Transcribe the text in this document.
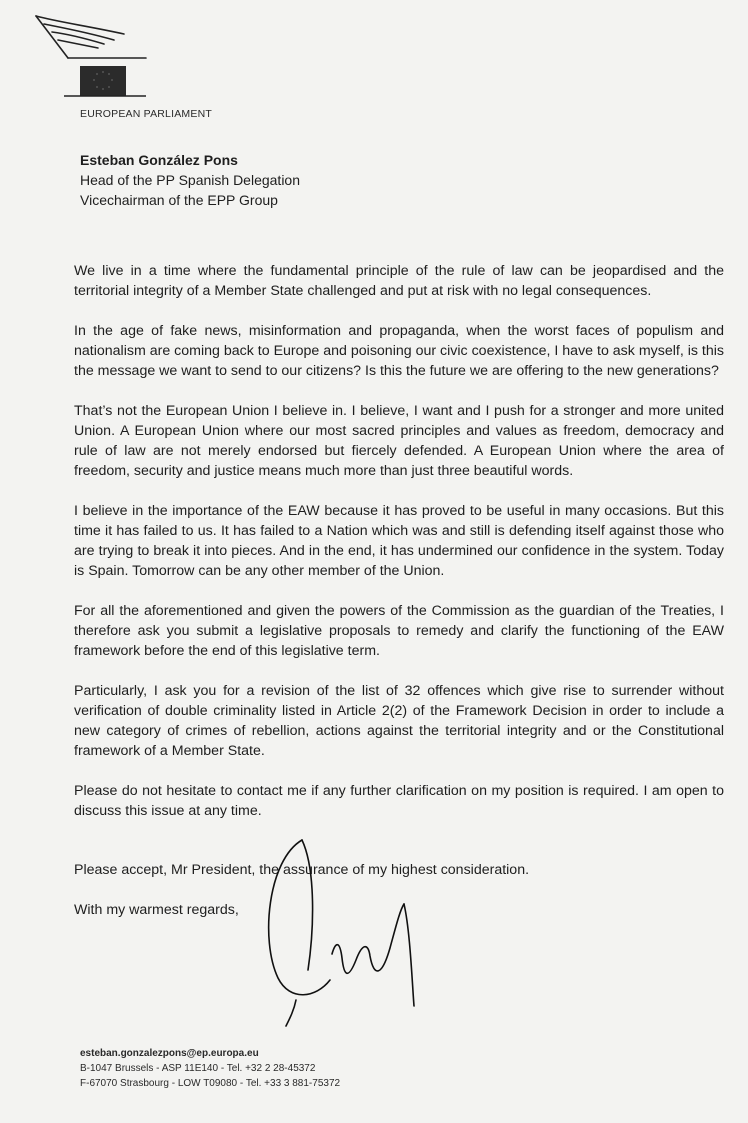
EUROPEAN PARLIAMENT
Esteban González Pons
Head of the PP Spanish Delegation
Vicechairman of the EPP Group

We live in a time where the fundamental principle of the rule of law can be jeopardised and the territorial integrity of a Member State challenged and put at risk with no legal consequences.

In the age of fake news, misinformation and propaganda, when the worst faces of populism and nationalism are coming back to Europe and poisoning our civic coexistence, I have to ask myself, is this the message we want to send to our citizens? Is this the future we are offering to the new generations?

That’s not the European Union I believe in. I believe, I want and I push for a stronger and more united Union. A European Union where our most sacred principles and values as freedom, democracy and rule of law are not merely endorsed but fiercely defended. A European Union where the area of freedom, security and justice means much more than just three beautiful words.

I believe in the importance of the EAW because it has proved to be useful in many occasions. But this time it has failed to us. It has failed to a Nation which was and still is defending itself against those who are trying to break it into pieces. And in the end, it has undermined our confidence in the system. Today is Spain. Tomorrow can be any other member of the Union.

For all the aforementioned and given the powers of the Commission as the guardian of the Treaties, I therefore ask you submit a legislative proposals to remedy and clarify the functioning of the EAW framework before the end of this legislative term.

Particularly, I ask you for a revision of the list of 32 offences which give rise to surrender without verification of double criminality listed in Article 2(2) of the Framework Decision in order to include a new category of crimes of rebellion, actions against the territorial integrity and or the Constitutional framework of a Member State.

Please do not hesitate to contact me if any further clarification on my position is required. I am open to discuss this issue at any time.

Please accept, Mr President, the assurance of my highest consideration.
With my warmest regards,
esteban.gonzalezpons@ep.europa.eu
B-1047 Brussels - ASP 11E140 - Tel. +32 2 28-45372
F-67070 Strasbourg - LOW T09080 - Tel. +33 3 881-75372
